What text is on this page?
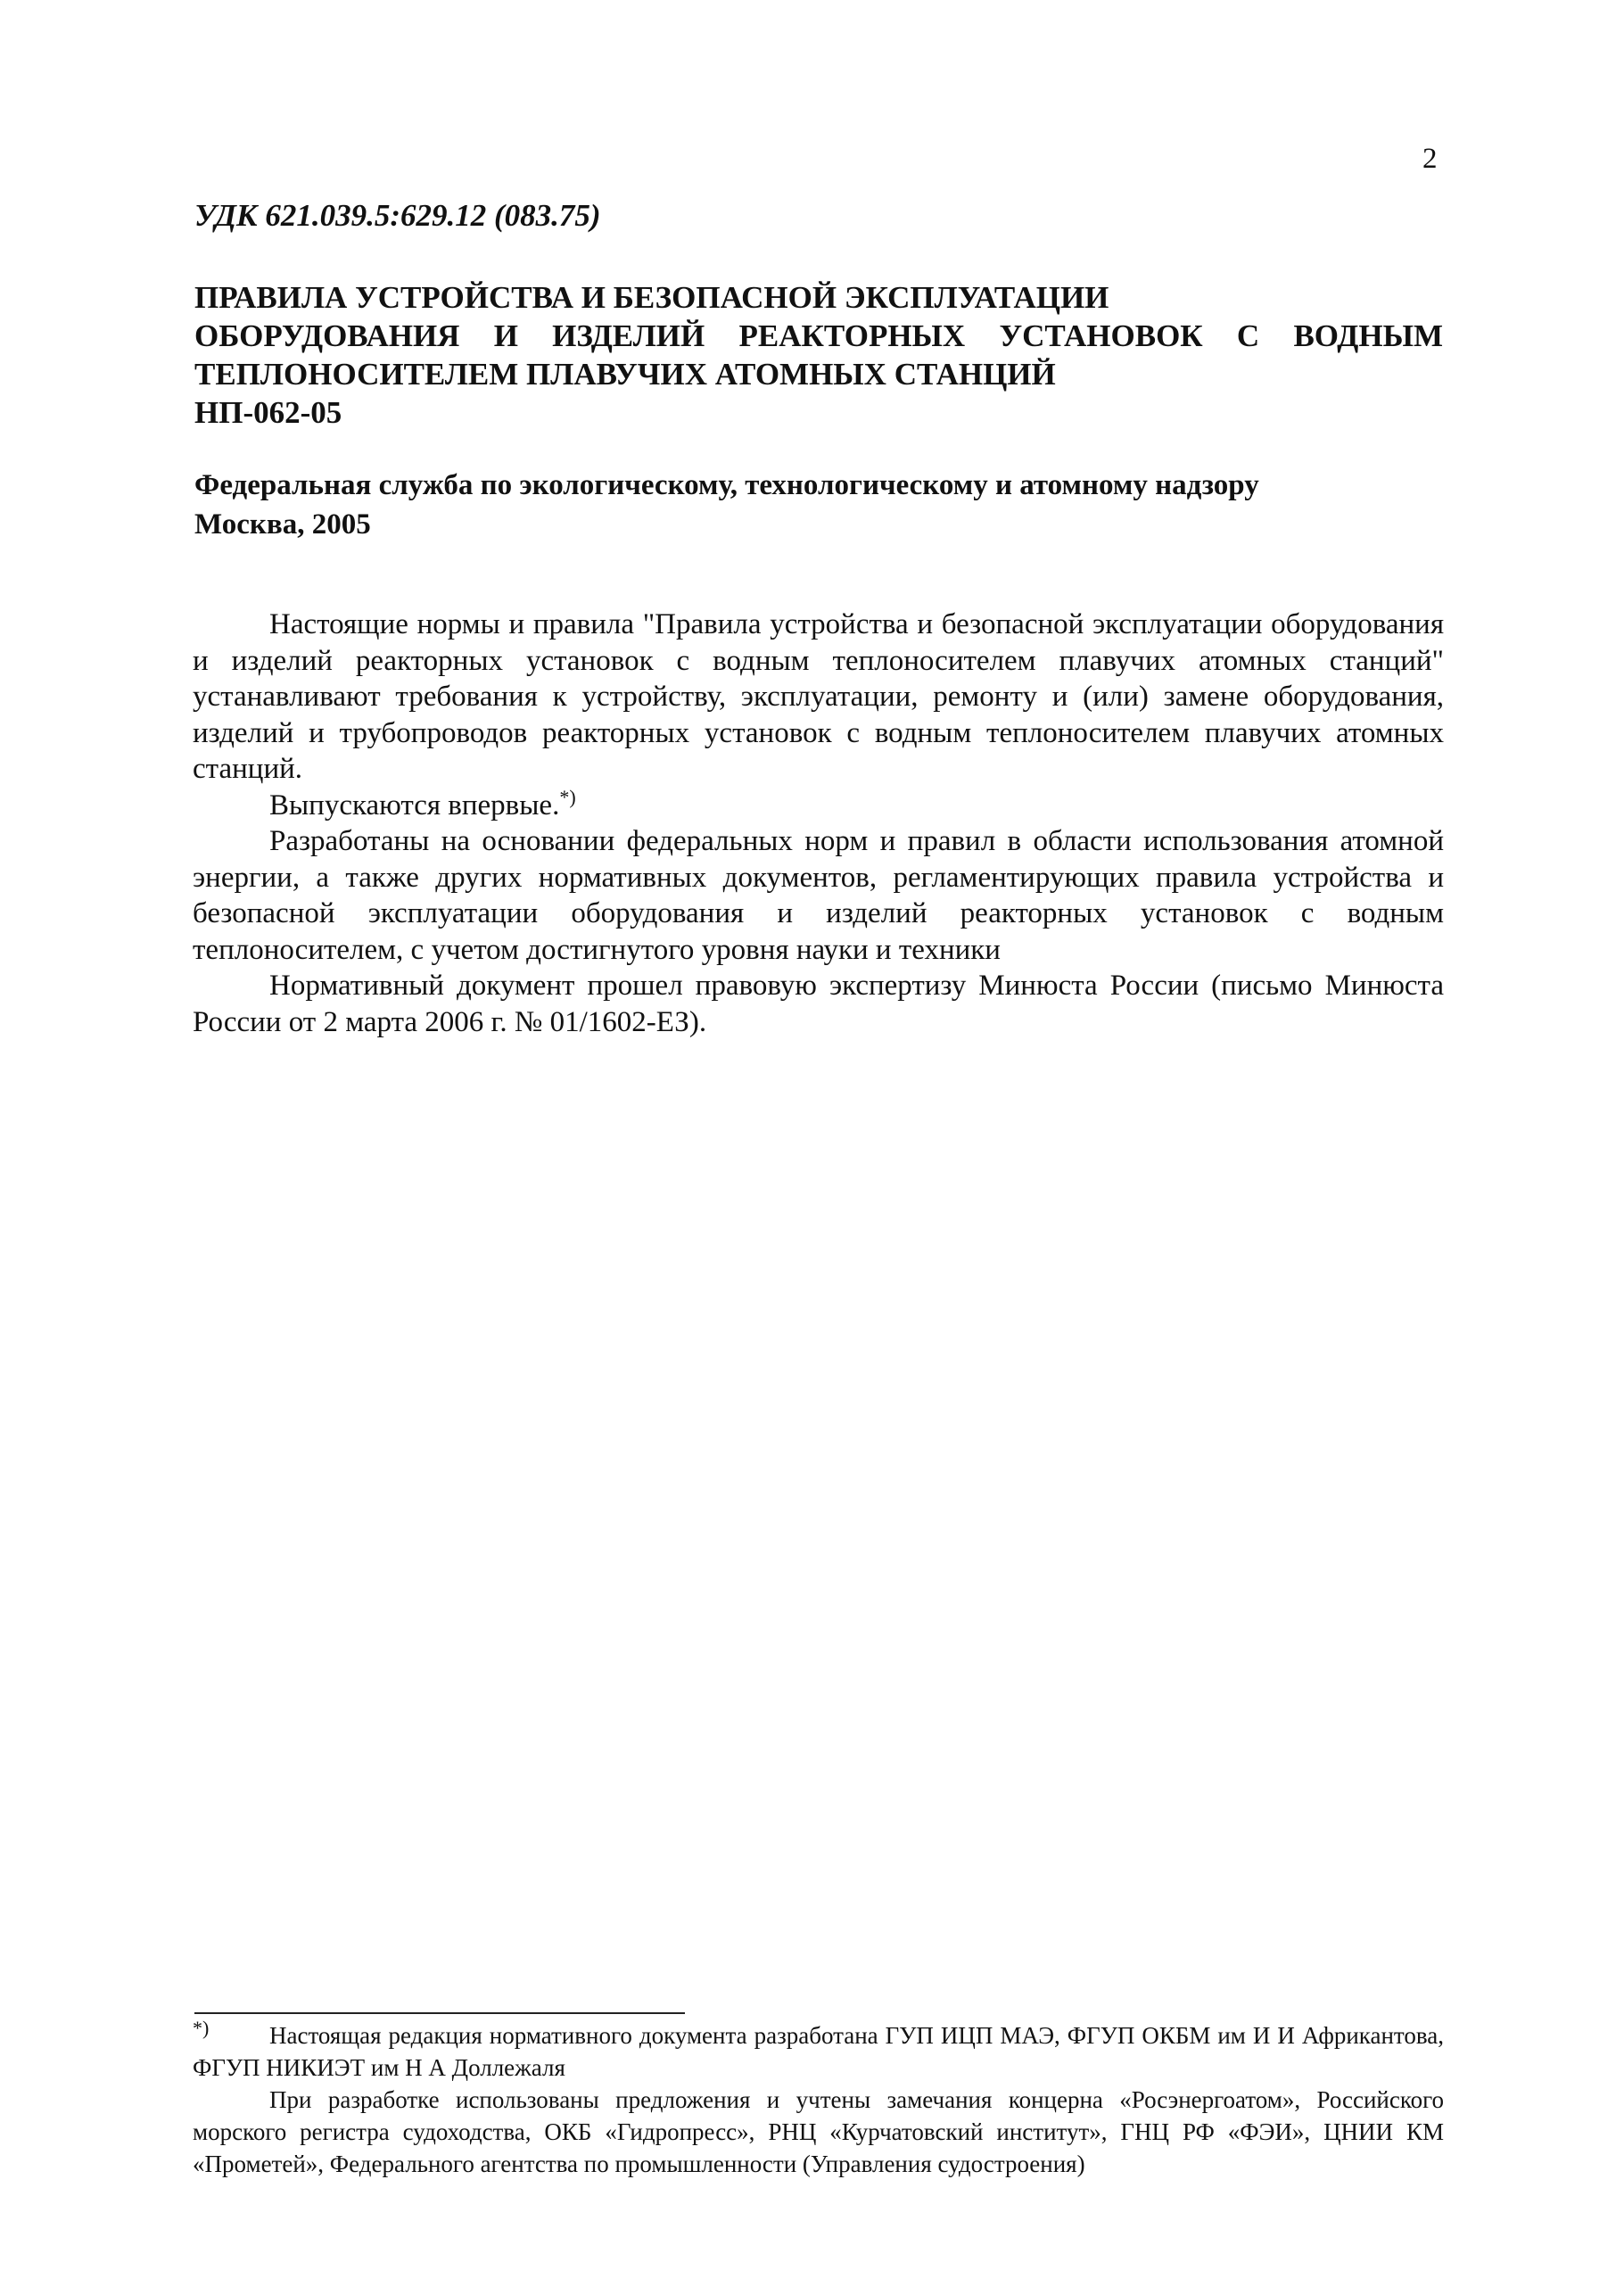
2
УДК 621.039.5:629.12 (083.75)
ПРАВИЛА УСТРОЙСТВА И БЕЗОПАСНОЙ ЭКСПЛУАТАЦИИ
ОБОРУДОВАНИЯ И ИЗДЕЛИЙ РЕАКТОРНЫХ УСТАНОВОК С ВОДНЫМ
ТЕПЛОНОСИТЕЛЕМ ПЛАВУЧИХ АТОМНЫХ СТАНЦИЙ
НП-062-05
Федеральная служба по экологическому, технологическому и атомному надзору
Москва, 2005

Настоящие нормы и правила "Правила устройства и безопасной эксплуатации оборудования и изделий реакторных установок с водным теплоносителем плавучих атомных станций" устанавливают требования к устройству, эксплуатации, ремонту и (или) замене оборудования, изделий и трубопроводов реакторных установок с водным теплоносителем плавучих атомных станций.

Выпускаются впервые.*)

Разработаны на основании федеральных норм и правил в области использования атомной энергии, а также других нормативных документов, регламентирующих правила устройства и безопасной эксплуатации оборудования и изделий реакторных установок с водным теплоносителем, с учетом достигнутого уровня науки и техники

Нормативный документ прошел правовую экспертизу Минюста России (письмо Минюста России от 2 марта 2006 г. № 01/1602-ЕЗ).

*)	Настоящая редакция нормативного документа разработана ГУП ИЦП МАЭ, ФГУП ОКБМ им И И Африкантова, ФГУП НИКИЭТ им Н А Доллежаля

При разработке использованы предложения и учтены замечания концерна «Росэнергоатом», Российского морского регистра судоходства, ОКБ «Гидропресс», РНЦ «Курчатовский институт», ГНЦ РФ «ФЭИ», ЦНИИ КМ «Прометей», Федерального агентства по промышленности (Управления судостроения)
